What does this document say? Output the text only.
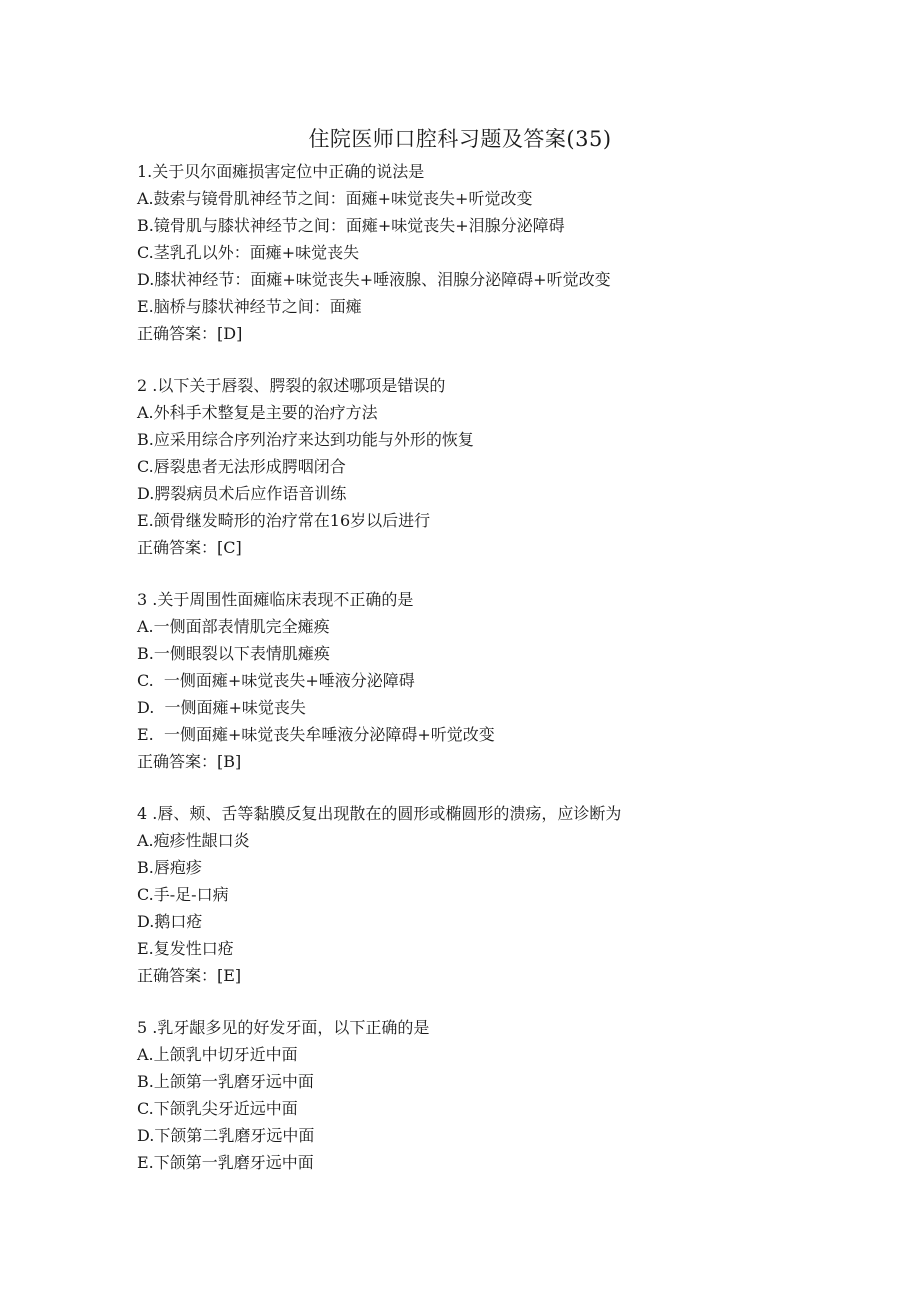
住院医师口腔科习题及答案(35)
1.关于贝尔面瘫损害定位中正确的说法是
A.鼓索与镜骨肌神经节之间：面瘫+味觉丧失+听觉改变
B.镜骨肌与膝状神经节之间：面瘫+味觉丧失+泪腺分泌障碍
C.茎乳孔以外：面瘫+味觉丧失
D.膝状神经节：面瘫+味觉丧失+唾液腺、泪腺分泌障碍+听觉改变
E.脑桥与膝状神经节之间：面瘫
正确答案：[D]
2 .以下关于唇裂、腭裂的叙述哪项是错误的
A.外科手术整复是主要的治疗方法
B.应采用综合序列治疗来达到功能与外形的恢复
C.唇裂患者无法形成腭咽闭合
D.腭裂病员术后应作语音训练
E.颌骨继发畸形的治疗常在16岁以后进行
正确答案：[C]
3 .关于周围性面瘫临床表现不正确的是
A.一侧面部表情肌完全瘫痪
B.一侧眼裂以下表情肌瘫痪
C.  一侧面瘫+味觉丧失+唾液分泌障碍
D.  一侧面瘫+味觉丧失
E.  一侧面瘫+味觉丧失牟唾液分泌障碍+听觉改变
正确答案：[B]
4 .唇、颊、舌等黏膜反复出现散在的圆形或椭圆形的溃疡，应诊断为
A.疱疹性龈口炎
B.唇疱疹
C.手-足-口病
D.鹅口疮
E.复发性口疮
正确答案：[E]
5 .乳牙龈多见的好发牙面，以下正确的是
A.上颌乳中切牙近中面
B.上颌第一乳磨牙远中面
C.下颌乳尖牙近远中面
D.下颌第二乳磨牙远中面
E.下颌第一乳磨牙远中面
